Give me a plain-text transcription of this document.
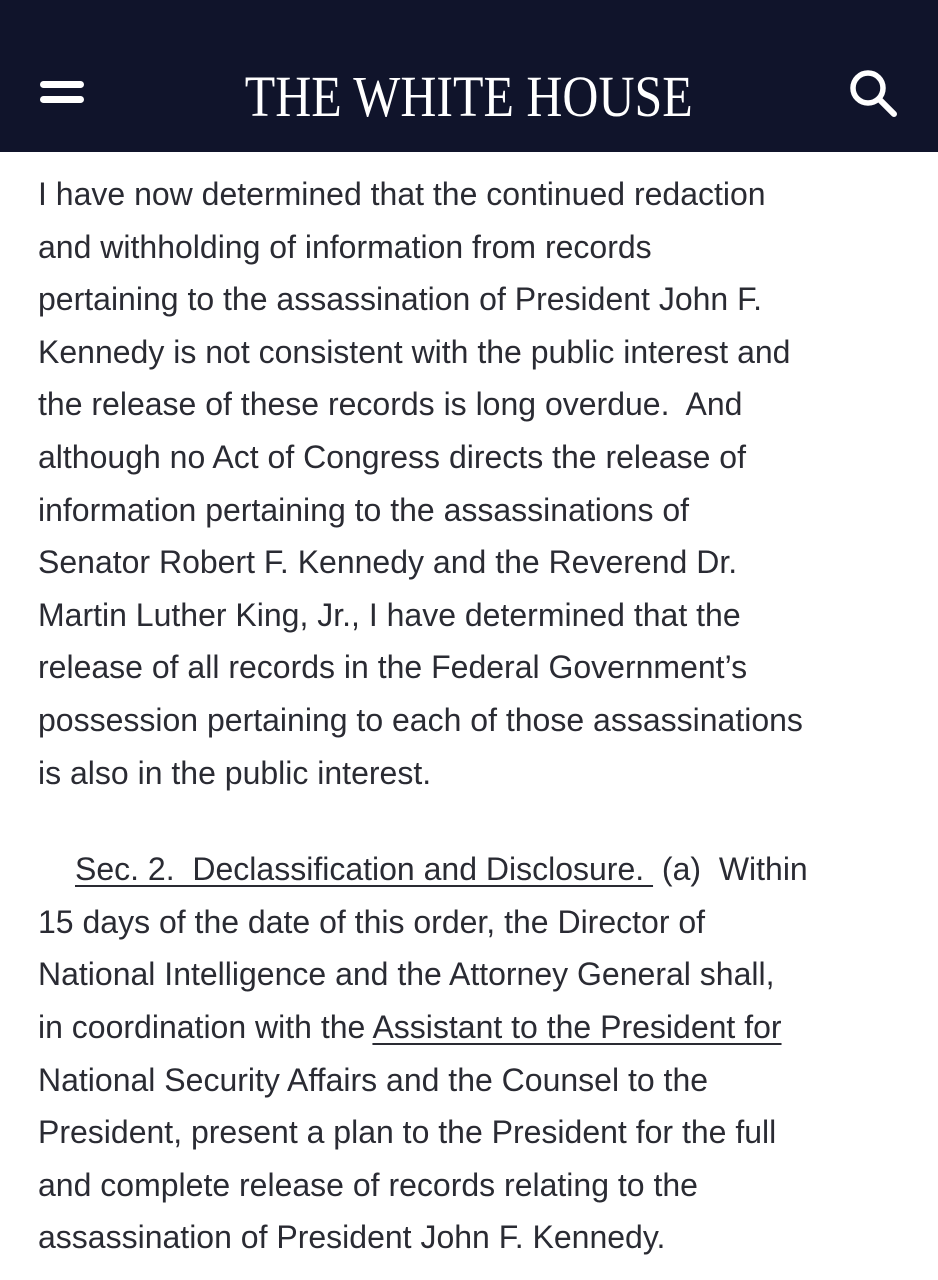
THE WHITE HOUSE
I have now determined that the continued redaction
and withholding of information from records
pertaining to the assassination of President John F.
Kennedy is not consistent with the public interest and
the release of these records is long overdue.  And
although no Act of Congress directs the release of
information pertaining to the assassinations of
Senator Robert F. Kennedy and the Reverend Dr.
Martin Luther King, Jr., I have determined that the
release of all records in the Federal Government’s
possession pertaining to each of those assassinations
is also in the public interest.
Sec. 2.  Declassification and Disclosure.  (a)  Within
15 days of the date of this order, the Director of
National Intelligence and the Attorney General shall,
in coordination with the Assistant to the President for
National Security Affairs and the Counsel to the
President, present a plan to the President for the full
and complete release of records relating to the
assassination of President John F. Kennedy.
